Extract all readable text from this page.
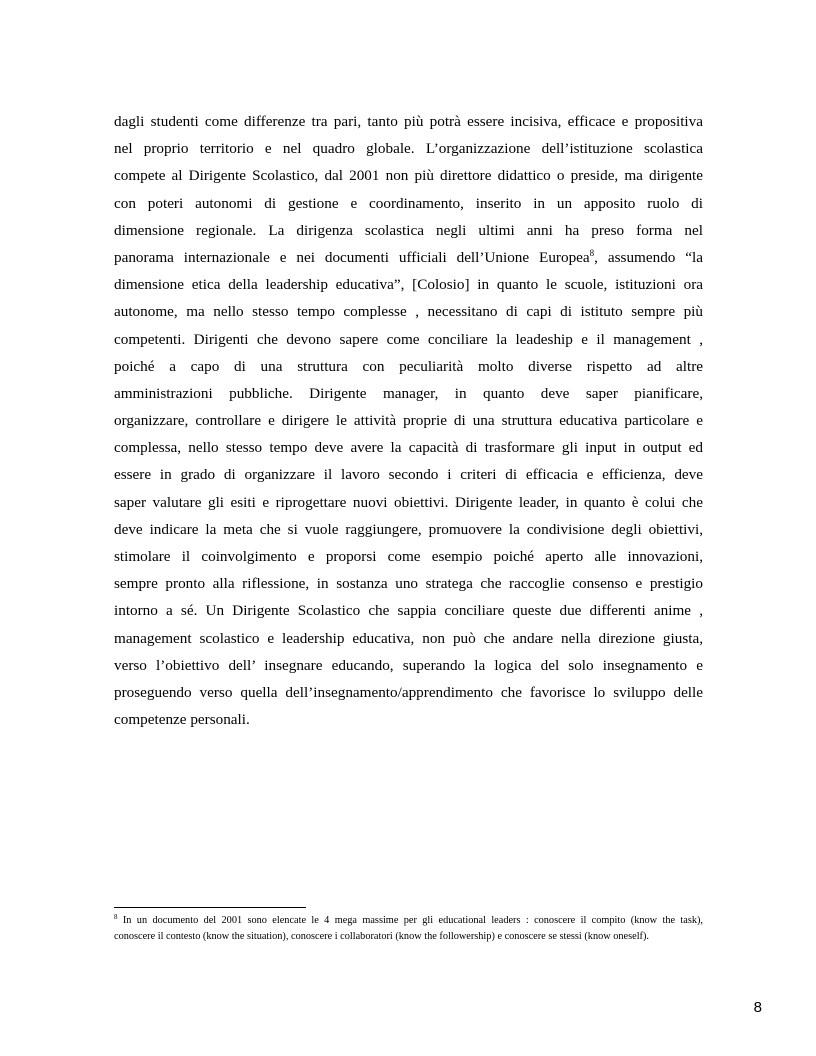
dagli studenti come differenze tra pari, tanto più potrà essere incisiva, efficace e propositiva
nel proprio territorio e nel quadro globale. L’organizzazione dell’istituzione scolastica
compete al Dirigente Scolastico, dal 2001 non più direttore didattico o preside, ma dirigente
con poteri autonomi di gestione e coordinamento, inserito in un apposito ruolo di
dimensione regionale. La dirigenza scolastica negli ultimi anni ha preso forma nel
panorama internazionale e nei documenti ufficiali dell’Unione Europea$^8$, assumendo “la
dimensione etica della leadership educativa”, [Colosio] in quanto le scuole, istituzioni ora
autonome, ma nello stesso tempo complesse , necessitano di capi di istituto sempre più
competenti. Dirigenti che devono sapere come conciliare la leadeship e il management ,
poiché a capo di una struttura con peculiarità molto diverse rispetto ad altre
amministrazioni pubbliche. Dirigente manager, in quanto deve saper pianificare,
organizzare, controllare e dirigere le attività proprie di una struttura educativa particolare e
complessa, nello stesso tempo deve avere la capacità di trasformare gli input in output ed
essere in grado di organizzare il lavoro secondo i criteri di efficacia e efficienza, deve
saper valutare gli esiti e riprogettare nuovi obiettivi. Dirigente leader, in quanto è colui che
deve indicare la meta che si vuole raggiungere, promuovere la condivisione degli obiettivi,
stimolare il coinvolgimento e proporsi come esempio poiché aperto alle innovazioni,
sempre pronto alla riflessione, in sostanza uno stratega che raccoglie consenso e prestigio
intorno a sé. Un Dirigente Scolastico che sappia conciliare queste due differenti anime ,
management scolastico e leadership educativa, non può che andare nella direzione giusta,
verso l’obiettivo dell’ insegnare educando, superando la logica del solo insegnamento e
proseguendo verso quella dell’insegnamento/apprendimento che favorisce lo sviluppo delle
competenze personali.
$^8$ In un documento del 2001 sono elencate le 4 mega massime per gli educational leaders : conoscere il compito (know the task),
conoscere il contesto (know the situation), conoscere i collaboratori (know the followership) e conoscere se stessi (know oneself).
8
